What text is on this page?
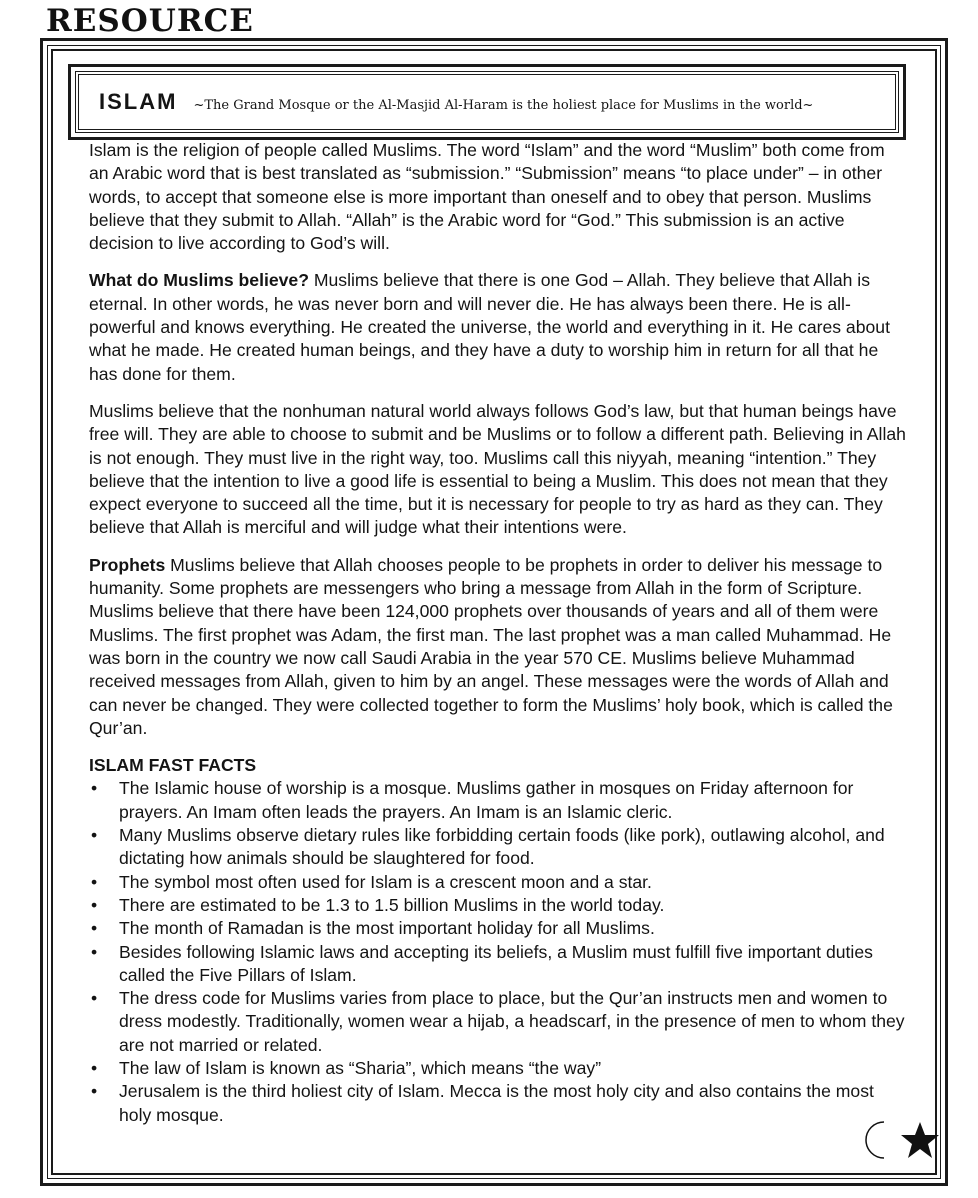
RESOURCE
ISLAM ~The Grand Mosque or the Al-Masjid Al-Haram is the holiest place for Muslims in the world~

Islam is the religion of people called Muslims. The word “Islam” and the word “Muslim” both come from an Arabic word that is best translated as “submission.” “Submission” means “to place under” – in other words, to accept that someone else is more important than oneself and to obey that person. Muslims believe that they submit to Allah. “Allah” is the Arabic word for “God.” This submission is an active decision to live according to God’s will.

What do Muslims believe? Muslims believe that there is one God – Allah. They believe that Allah is eternal. In other words, he was never born and will never die. He has always been there. He is all-powerful and knows everything. He created the universe, the world and everything in it. He cares about what he made. He created human beings, and they have a duty to worship him in return for all that he has done for them.

Muslims believe that the nonhuman natural world always follows God’s law, but that human beings have free will. They are able to choose to submit and be Muslims or to follow a different path. Believing in Allah is not enough. They must live in the right way, too. Muslims call this niyyah, meaning “intention.” They believe that the intention to live a good life is essential to being a Muslim. This does not mean that they expect everyone to succeed all the time, but it is necessary for people to try as hard as they can. They believe that Allah is merciful and will judge what their intentions were.

Prophets Muslims believe that Allah chooses people to be prophets in order to deliver his message to humanity. Some prophets are messengers who bring a message from Allah in the form of Scripture. Muslims believe that there have been 124,000 prophets over thousands of years and all of them were Muslims. The first prophet was Adam, the first man. The last prophet was a man called Muhammad. He was born in the country we now call Saudi Arabia in the year 570 CE. Muslims believe Muhammad received messages from Allah, given to him by an angel. These messages were the words of Allah and can never be changed. They were collected together to form the Muslims’ holy book, which is called the Qur’an.

ISLAM FAST FACTS
• The Islamic house of worship is a mosque. Muslims gather in mosques on Friday afternoon for prayers. An Imam often leads the prayers. An Imam is an Islamic cleric.
• Many Muslims observe dietary rules like forbidding certain foods (like pork), outlawing alcohol, and dictating how animals should be slaughtered for food.
• The symbol most often used for Islam is a crescent moon and a star.
• There are estimated to be 1.3 to 1.5 billion Muslims in the world today.
• The month of Ramadan is the most important holiday for all Muslims.
• Besides following Islamic laws and accepting its beliefs, a Muslim must fulfill five important duties called the Five Pillars of Islam.
• The dress code for Muslims varies from place to place, but the Qur’an instructs men and women to dress modestly. Traditionally, women wear a hijab, a headscarf, in the presence of men to whom they are not married or related.
• The law of Islam is known as “Sharia”, which means “the way”
• Jerusalem is the third holiest city of Islam. Mecca is the most holy city and also contains the most holy mosque.
